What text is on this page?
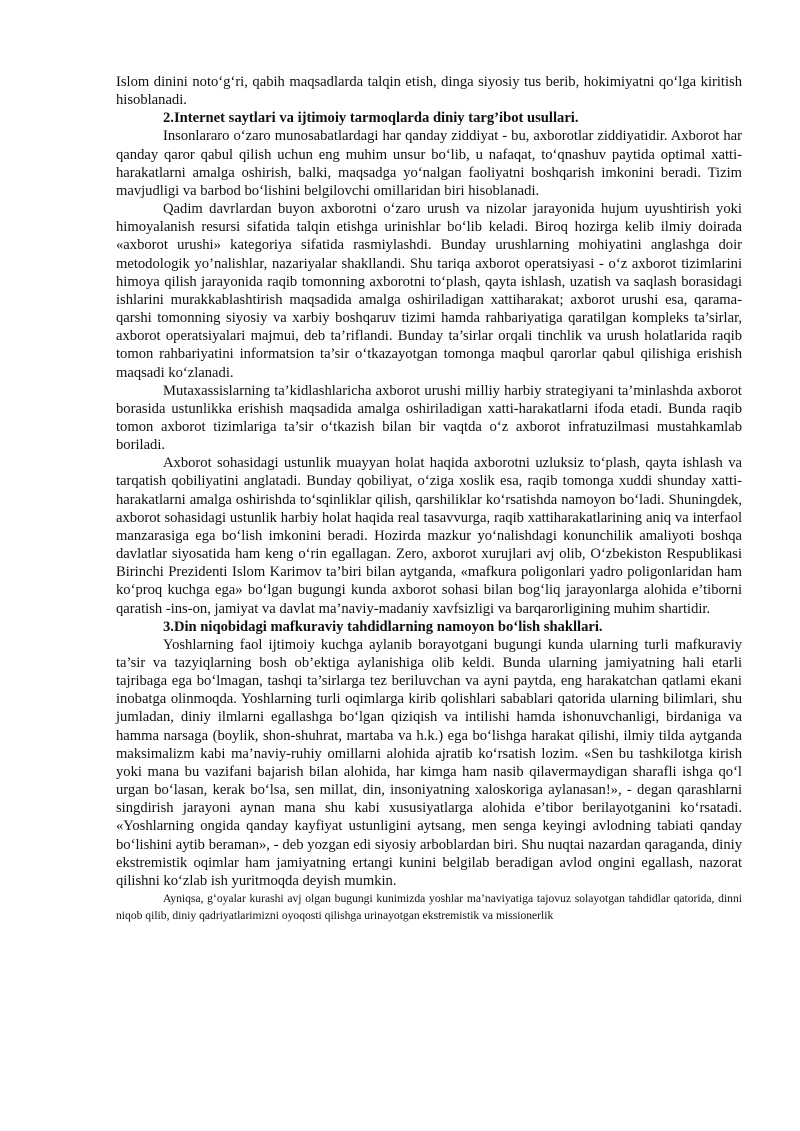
Islom dinini noto‘g‘ri, qabih maqsadlarda talqin etish, dinga siyosiy tus berib, hokimiyatni qo‘lga kiritish hisoblanadi.

2.Internet saytlari va ijtimoiy tarmoqlarda diniy targ’ibot usullari.

Insonlararo o‘zaro munosabatlardagi har qanday ziddiyat - bu, axborotlar ziddiyatidir. Axborot har qanday qaror qabul qilish uchun eng muhim unsur bo‘lib, u nafaqat, to‘qnashuv paytida optimal xatti-harakatlarni amalga oshirish, balki, maqsadga yo‘nalgan faoliyatni boshqarish imkonini beradi. Tizim mavjudligi va barbod bo‘lishini belgilovchi omillaridan biri hisoblanadi.

Qadim davrlardan buyon axborotni o‘zaro urush va nizolar jarayonida hujum uyushtirish yoki himoyalanish resursi sifatida talqin etishga urinishlar bo‘lib keladi. Biroq hozirga kelib ilmiy doirada «axborot urushi» kategoriya sifatida rasmiylashdi. Bunday urushlarning mohiyatini anglashga doir metodologik yo’nalishlar, nazariyalar shakllandi. Shu tariqa axborot operatsiyasi - o‘z axborot tizimlarini himoya qilish jarayonida raqib tomonning axborotni to‘plash, qayta ishlash, uzatish va saqlash borasidagi ishlarini murakkablashtirish maqsadida amalga oshiriladigan xattiharakat; axborot urushi esa, qarama-qarshi tomonning siyosiy va xarbiy boshqaruv tizimi hamda rahbariyatiga qaratilgan kompleks ta’sirlar, axborot operatsiyalari majmui, deb ta’riflandi. Bunday ta’sirlar orqali tinchlik va urush holatlarida raqib tomon rahbariyatini informatsion ta’sir o‘tkazayotgan tomonga maqbul qarorlar qabul qilishiga erishish maqsadi ko‘zlanadi.

Mutaxassislarning ta’kidlashlaricha axborot urushi milliy harbiy strategiyani ta’minlashda axborot borasida ustunlikka erishish maqsadida amalga oshiriladigan xatti-harakatlarni ifoda etadi. Bunda raqib tomon axborot tizimlariga ta’sir o‘tkazish bilan bir vaqtda o‘z axborot infratuzilmasi mustahkamlab boriladi.

Axborot sohasidagi ustunlik muayyan holat haqida axborotni uzluksiz to‘plash, qayta ishlash va tarqatish qobiliyatini anglatadi. Bunday qobiliyat, o‘ziga xoslik esa, raqib tomonga xuddi shunday xatti-harakatlarni amalga oshirishda to‘sqinliklar qilish, qarshiliklar ko‘rsatishda namoyon bo‘ladi. Shuningdek, axborot sohasidagi ustunlik harbiy holat haqida real tasavvurga, raqib xattiharakatlarining aniq va interfaol manzarasiga ega bo‘lish imkonini beradi. Hozirda mazkur yo‘nalishdagi konunchilik amaliyoti boshqa davlatlar siyosatida ham keng o‘rin egallagan. Zero, axborot xurujlari avj olib, O‘zbekiston Respublikasi Birinchi Prezidenti Islom Karimov ta’biri bilan aytganda, «mafkura poligonlari yadro poligonlaridan ham ko‘proq kuchga ega» bo‘lgan bugungi kunda axborot sohasi bilan bog‘liq jarayonlarga alohida e’tiborni qaratish -ins-on, jamiyat va davlat ma’naviy-madaniy xavfsizligi va barqarorligining muhim shartidir.

3.Din niqobidagi mafkuraviy tahdidlarning namoyon bo‘lish shakllari.

Yoshlarning faol ijtimoiy kuchga aylanib borayotgani bugungi kunda ularning turli mafkuraviy ta’sir va tazyiqlarning bosh ob’ektiga aylanishiga olib keldi. Bunda ularning jamiyatning hali etarli tajribaga ega bo‘lmagan, tashqi ta’sirlarga tez beriluvchan va ayni paytda, eng harakatchan qatlami ekani inobatga olinmoqda. Yoshlarning turli oqimlarga kirib qolishlari sabablari qatorida ularning bilimlari, shu jumladan, diniy ilmlarni egallashga bo‘lgan qiziqish va intilishi hamda ishonuvchanligi, birdaniga va hamma narsaga (boylik, shon-shuhrat, martaba va h.k.) ega bo‘lishga harakat qilishi, ilmiy tilda aytganda maksimalizm kabi ma’naviy-ruhiy omillarni alohida ajratib ko‘rsatish lozim. «Sen bu tashkilotga kirish yoki mana bu vazifani bajarish bilan alohida, har kimga ham nasib qilavermaydigan sharafli ishga qo‘l urgan bo‘lasan, kerak bo‘lsa, sen millat, din, insoniyatning xaloskoriga aylanasan!», - degan qarashlarni singdirish jarayoni aynan mana shu kabi xususiyatlarga alohida e’tibor berilayotganini ko‘rsatadi. «Yoshlarning ongida qanday kayfiyat ustunligini aytsang, men senga keyingi avlodning tabiati qanday bo‘lishini aytib beraman», - deb yozgan edi siyosiy arboblardan biri. Shu nuqtai nazardan qaraganda, diniy ekstremistik oqimlar ham jamiyatning ertangi kunini belgilab beradigan avlod ongini egallash, nazorat qilishni ko‘zlab ish yuritmoqda deyish mumkin.

Ayniqsa, g‘oyalar kurashi avj olgan bugungi kunimizda yoshlar ma’naviyatiga tajovuz solayotgan tahdidlar qatorida, dinni niqob qilib, diniy qadriyatlarimizni oyoqosti qilishga urinayotgan ekstremistik va missionerlik
